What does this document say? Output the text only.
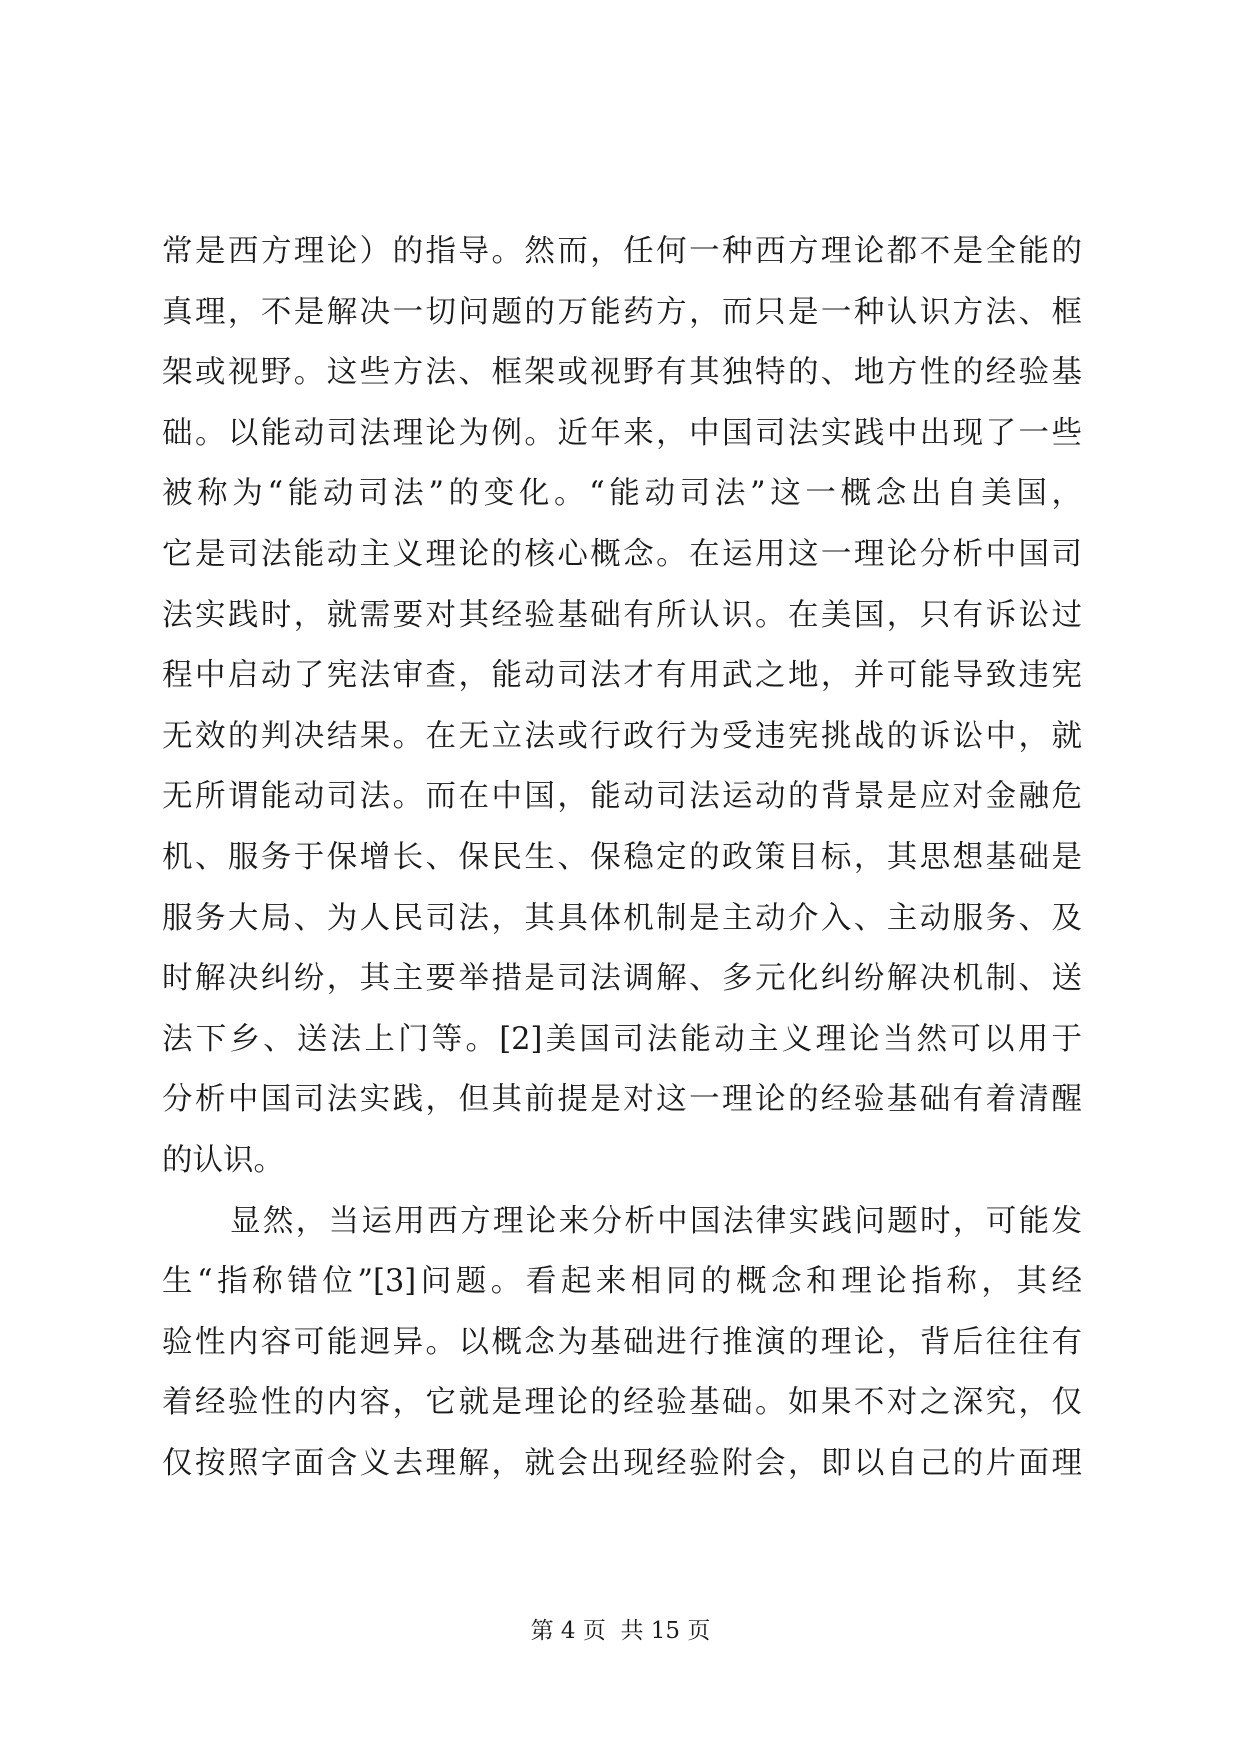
常是西方理论）的指导。然而，任何一种西方理论都不是全能的
真理，不是解决一切问题的万能药方，而只是一种认识方法、框
架或视野。这些方法、框架或视野有其独特的、地方性的经验基
础。以能动司法理论为例。近年来，中国司法实践中出现了一些
被称为“能动司法”的变化。“能动司法”这一概念出自美国，
它是司法能动主义理论的核心概念。在运用这一理论分析中国司
法实践时，就需要对其经验基础有所认识。在美国，只有诉讼过
程中启动了宪法审查，能动司法才有用武之地，并可能导致违宪
无效的判决结果。在无立法或行政行为受违宪挑战的诉讼中，就
无所谓能动司法。而在中国，能动司法运动的背景是应对金融危
机、服务于保增长、保民生、保稳定的政策目标，其思想基础是
服务大局、为人民司法，其具体机制是主动介入、主动服务、及
时解决纠纷，其主要举措是司法调解、多元化纠纷解决机制、送
法下乡、送法上门等。[2]美国司法能动主义理论当然可以用于
分析中国司法实践，但其前提是对这一理论的经验基础有着清醒
的认识。
显然，当运用西方理论来分析中国法律实践问题时，可能发
生“指称错位”[3]问题。看起来相同的概念和理论指称，其经
验性内容可能迥异。以概念为基础进行推演的理论，背后往往有
着经验性的内容，它就是理论的经验基础。如果不对之深究，仅
仅按照字面含义去理解，就会出现经验附会，即以自己的片面理
第 4 页  共 15 页
